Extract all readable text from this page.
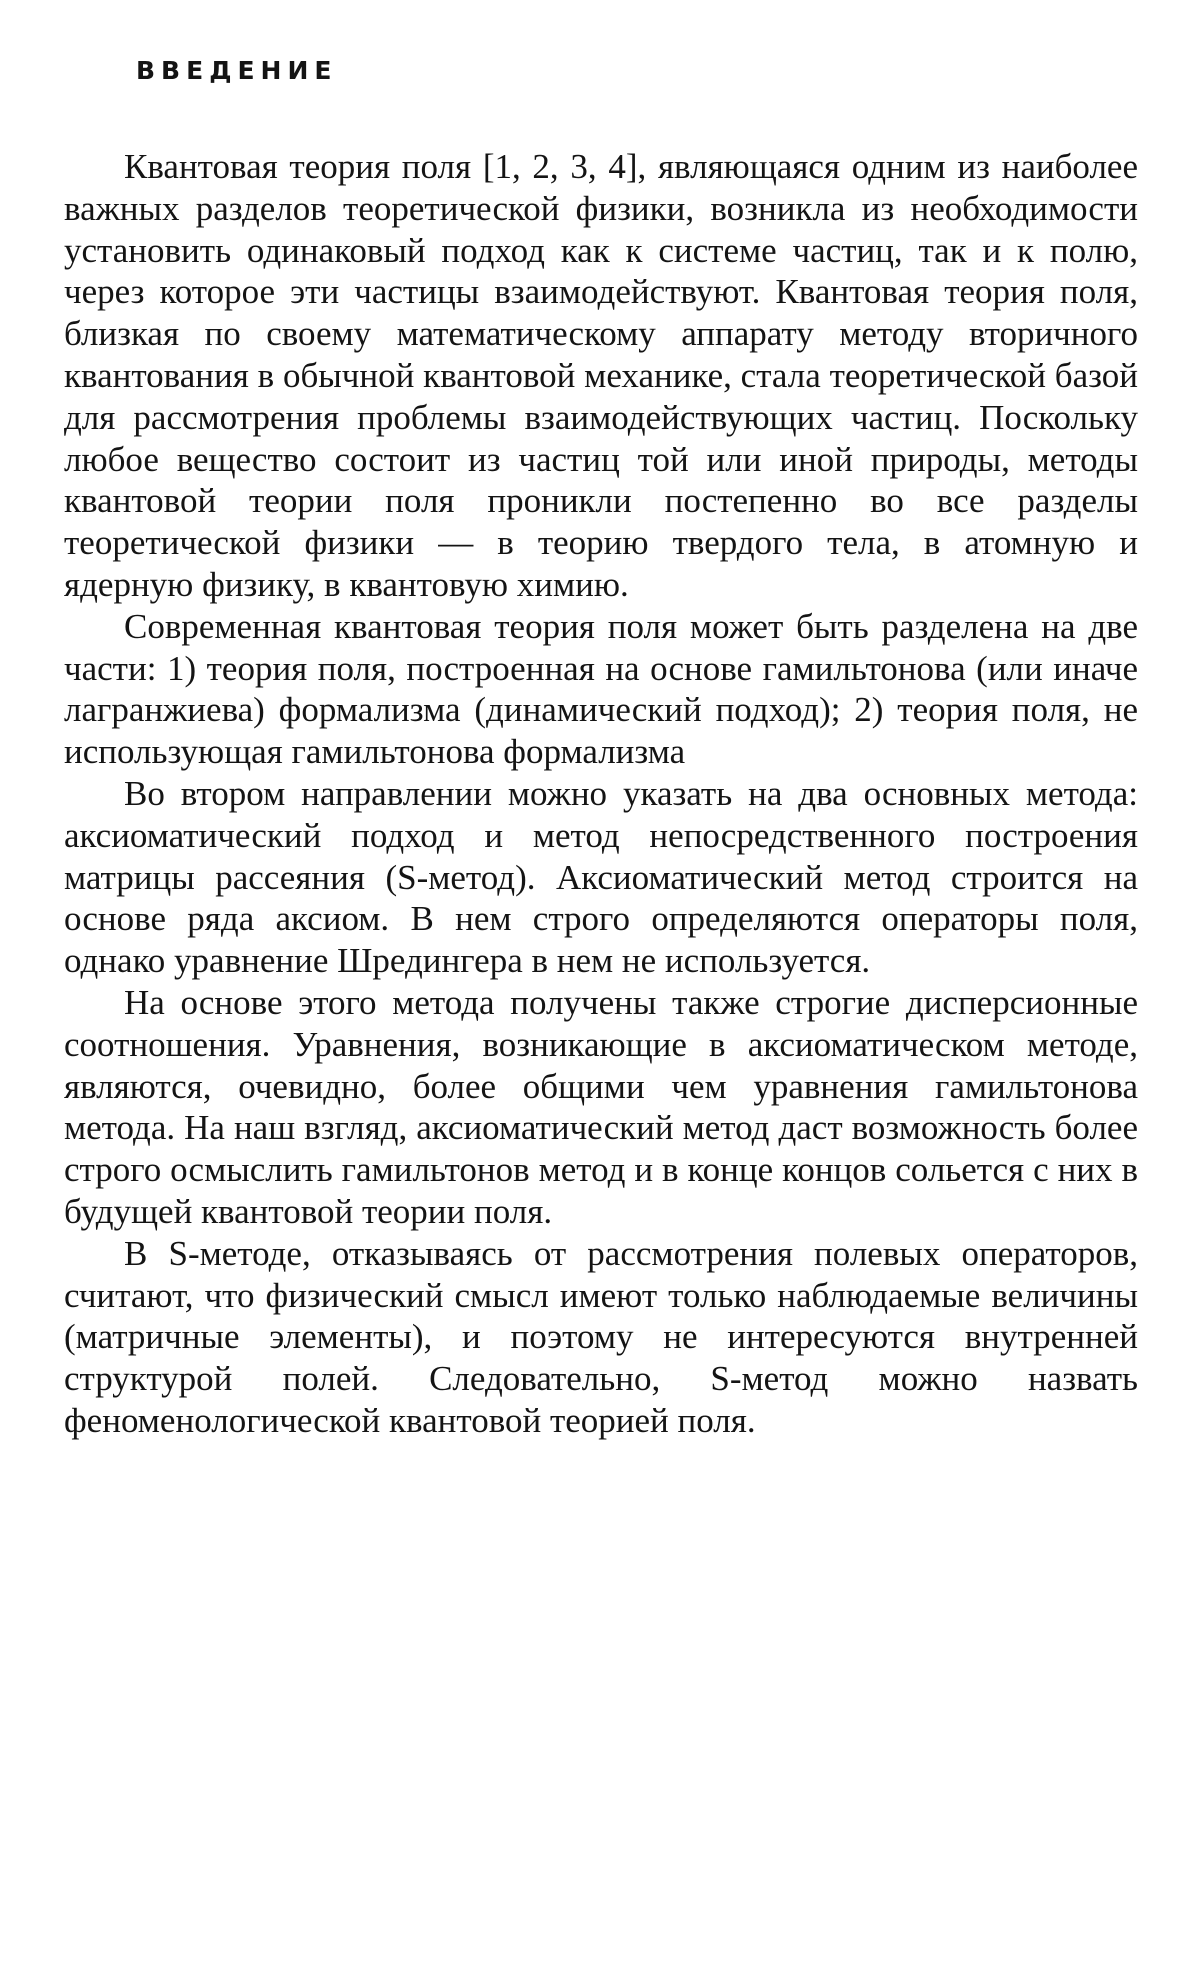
ВВЕДЕНИЕ

Квантовая теория поля [1, 2, 3, 4], являющаяся одним из наиболее важных разделов теоретической физики, возникла из необходимости установить одинаковый подход как к системе частиц, так и к полю, через которое эти частицы взаимодействуют. Квантовая теория поля, близкая по своему математическому аппарату методу вторичного квантования в обычной квантовой механике, стала теоретической базой для рассмотрения проблемы взаимодействующих частиц. Поскольку любое вещество состоит из частиц той или иной природы, методы квантовой теории поля проникли постепенно во все разделы теоретической физики — в теорию твердого тела, в атомную и ядерную физику, в квантовую химию.

Современная квантовая теория поля может быть разделена на две части: 1) теория поля, построенная на основе гамильтонова (или иначе лагранжиева) формализма (динамический подход); 2) теория поля, не использующая гамильтонова формализма

Во втором направлении можно указать на два основных метода: аксиоматический подход и метод непосредственного построения матрицы рассеяния (S-метод). Аксиоматический метод строится на основе ряда аксиом. В нем строго определяются операторы поля, однако уравнение Шредингера в нем не используется.

На основе этого метода получены также строгие дисперсионные соотношения. Уравнения, возникающие в аксиоматическом методе, являются, очевидно, более общими чем уравнения гамильтонова метода. На наш взгляд, аксиоматический метод даст возможность более строго осмыслить гамильтонов метод и в конце концов сольется с них в будущей квантовой теории поля.

В S-методе, отказываясь от рассмотрения полевых операторов, считают, что физический смысл имеют только наблюдаемые величины (матричные элементы), и поэтому не интересуются внутренней структурой полей. Следовательно, S-метод можно назвать феноменологической квантовой теорией поля.
